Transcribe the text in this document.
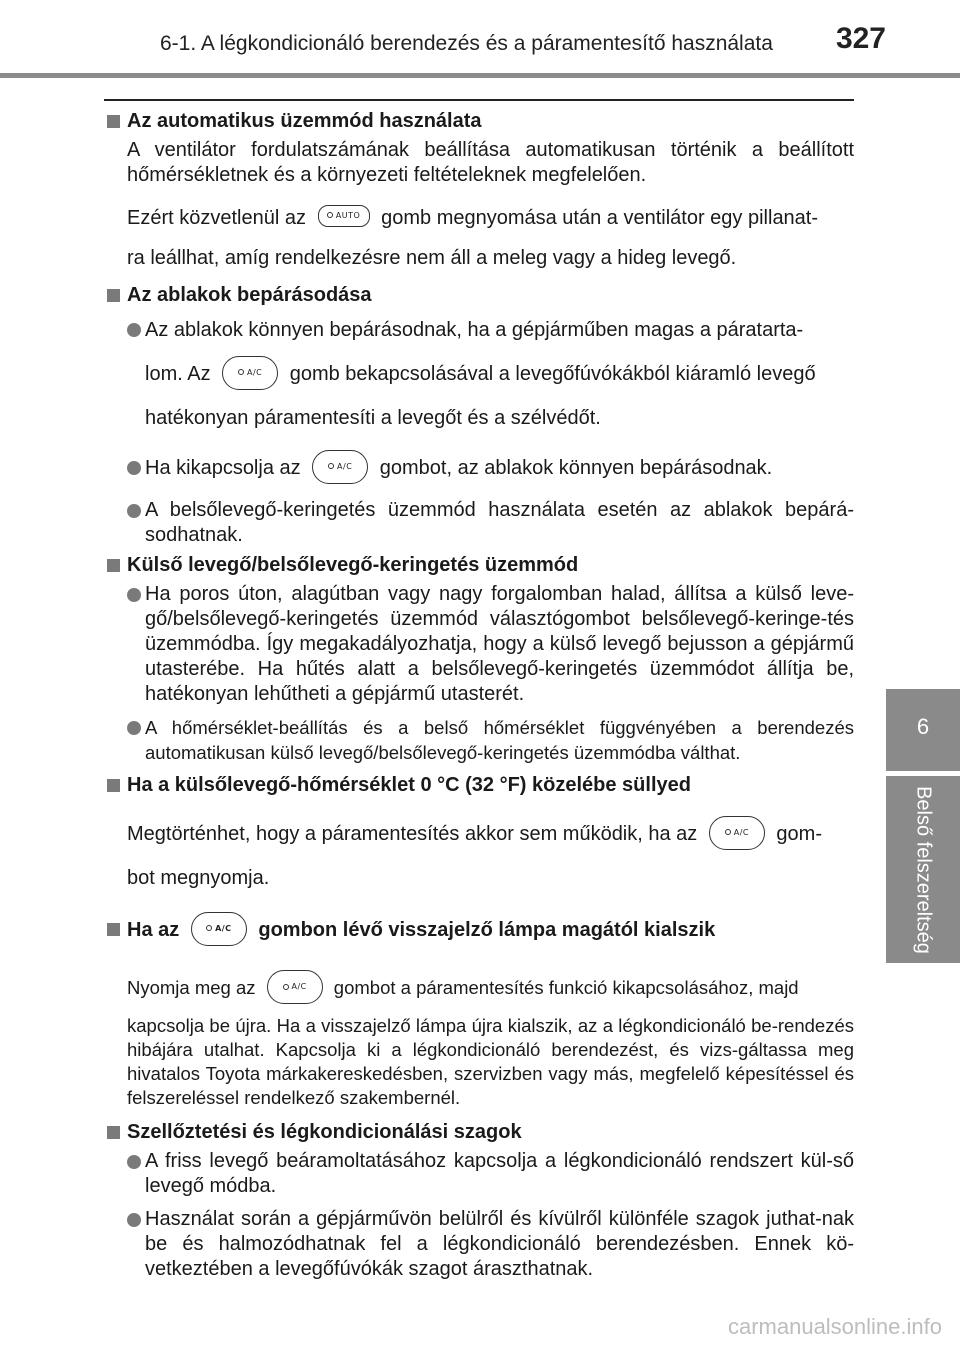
6-1. A légkondicionáló berendezés és a páramentesítő használata 327
6
Belső felszereltség
Az automatikus üzemmód használata
A ventilátor fordulatszámának beállítása automatikusan történik a beállított hőmérsékletnek és a környezeti feltételeknek megfelelően.
Ezért közvetlenül az	AUTO	gomb megnyomása után a ventilátor egy pillanat-
ra leállhat, amíg rendelkezésre nem áll a meleg vagy a hideg levegő.
Az ablakok bepárásodása
Az ablakok könnyen bepárásodnak, ha a gépjárműben magas a páratarta-
lom. Az	A/C	gomb bekapcsolásával a levegőfúvókákból kiáramló levegő
hatékonyan páramentesíti a levegőt és a szélvédőt.
Ha kikapcsolja az	A/C	gombot, az ablakok könnyen bepárásodnak.
A belsőlevegő-keringetés üzemmód használata esetén az ablakok bepárá-sodhatnak.
Külső levegő/belsőlevegő-keringetés üzemmód
Ha poros úton, alagútban vagy nagy forgalomban halad, állítsa a külső leve-gő/belsőlevegő-keringetés üzemmód választógombot belsőlevegő-keringe-tés üzemmódba. Így megakadályozhatja, hogy a külső levegő bejusson a gépjármű utasterébe. Ha hűtés alatt a belsőlevegő-keringetés üzemmódot állítja be, hatékonyan lehűtheti a gépjármű utasterét.
A hőmérséklet-beállítás és a belső hőmérséklet függvényében a berendezés automatikusan külső levegő/belsőlevegő-keringetés üzemmódba válthat.
Ha a külsőlevegő-hőmérséklet 0 °C (32 °F) közelébe süllyed
Megtörténhet, hogy a páramentesítés akkor sem működik, ha az	A/C	gom-
bot megnyomja.
Ha az	A/C	gombon lévő visszajelző lámpa magától kialszik
Nyomja meg az	A/C	gombot a páramentesítés funkció kikapcsolásához, majd
kapcsolja be újra. Ha a visszajelző lámpa újra kialszik, az a légkondicionáló be-rendezés hibájára utalhat. Kapcsolja ki a légkondicionáló berendezést, és vizs-gáltassa meg hivatalos Toyota márkakereskedésben, szervizben vagy más, megfelelő képesítéssel és felszereléssel rendelkező szakembernél.
Szellőztetési és légkondicionálási szagok
A friss levegő beáramoltatásához kapcsolja a légkondicionáló rendszert kül-ső levegő módba.
Használat során a gépjárművön belülről és kívülről különféle szagok juthat-nak be és halmozódhatnak fel a légkondicionáló berendezésben. Ennek kö-vetkeztében a levegőfúvókák szagot áraszthatnak.
carmanualsonline.info
